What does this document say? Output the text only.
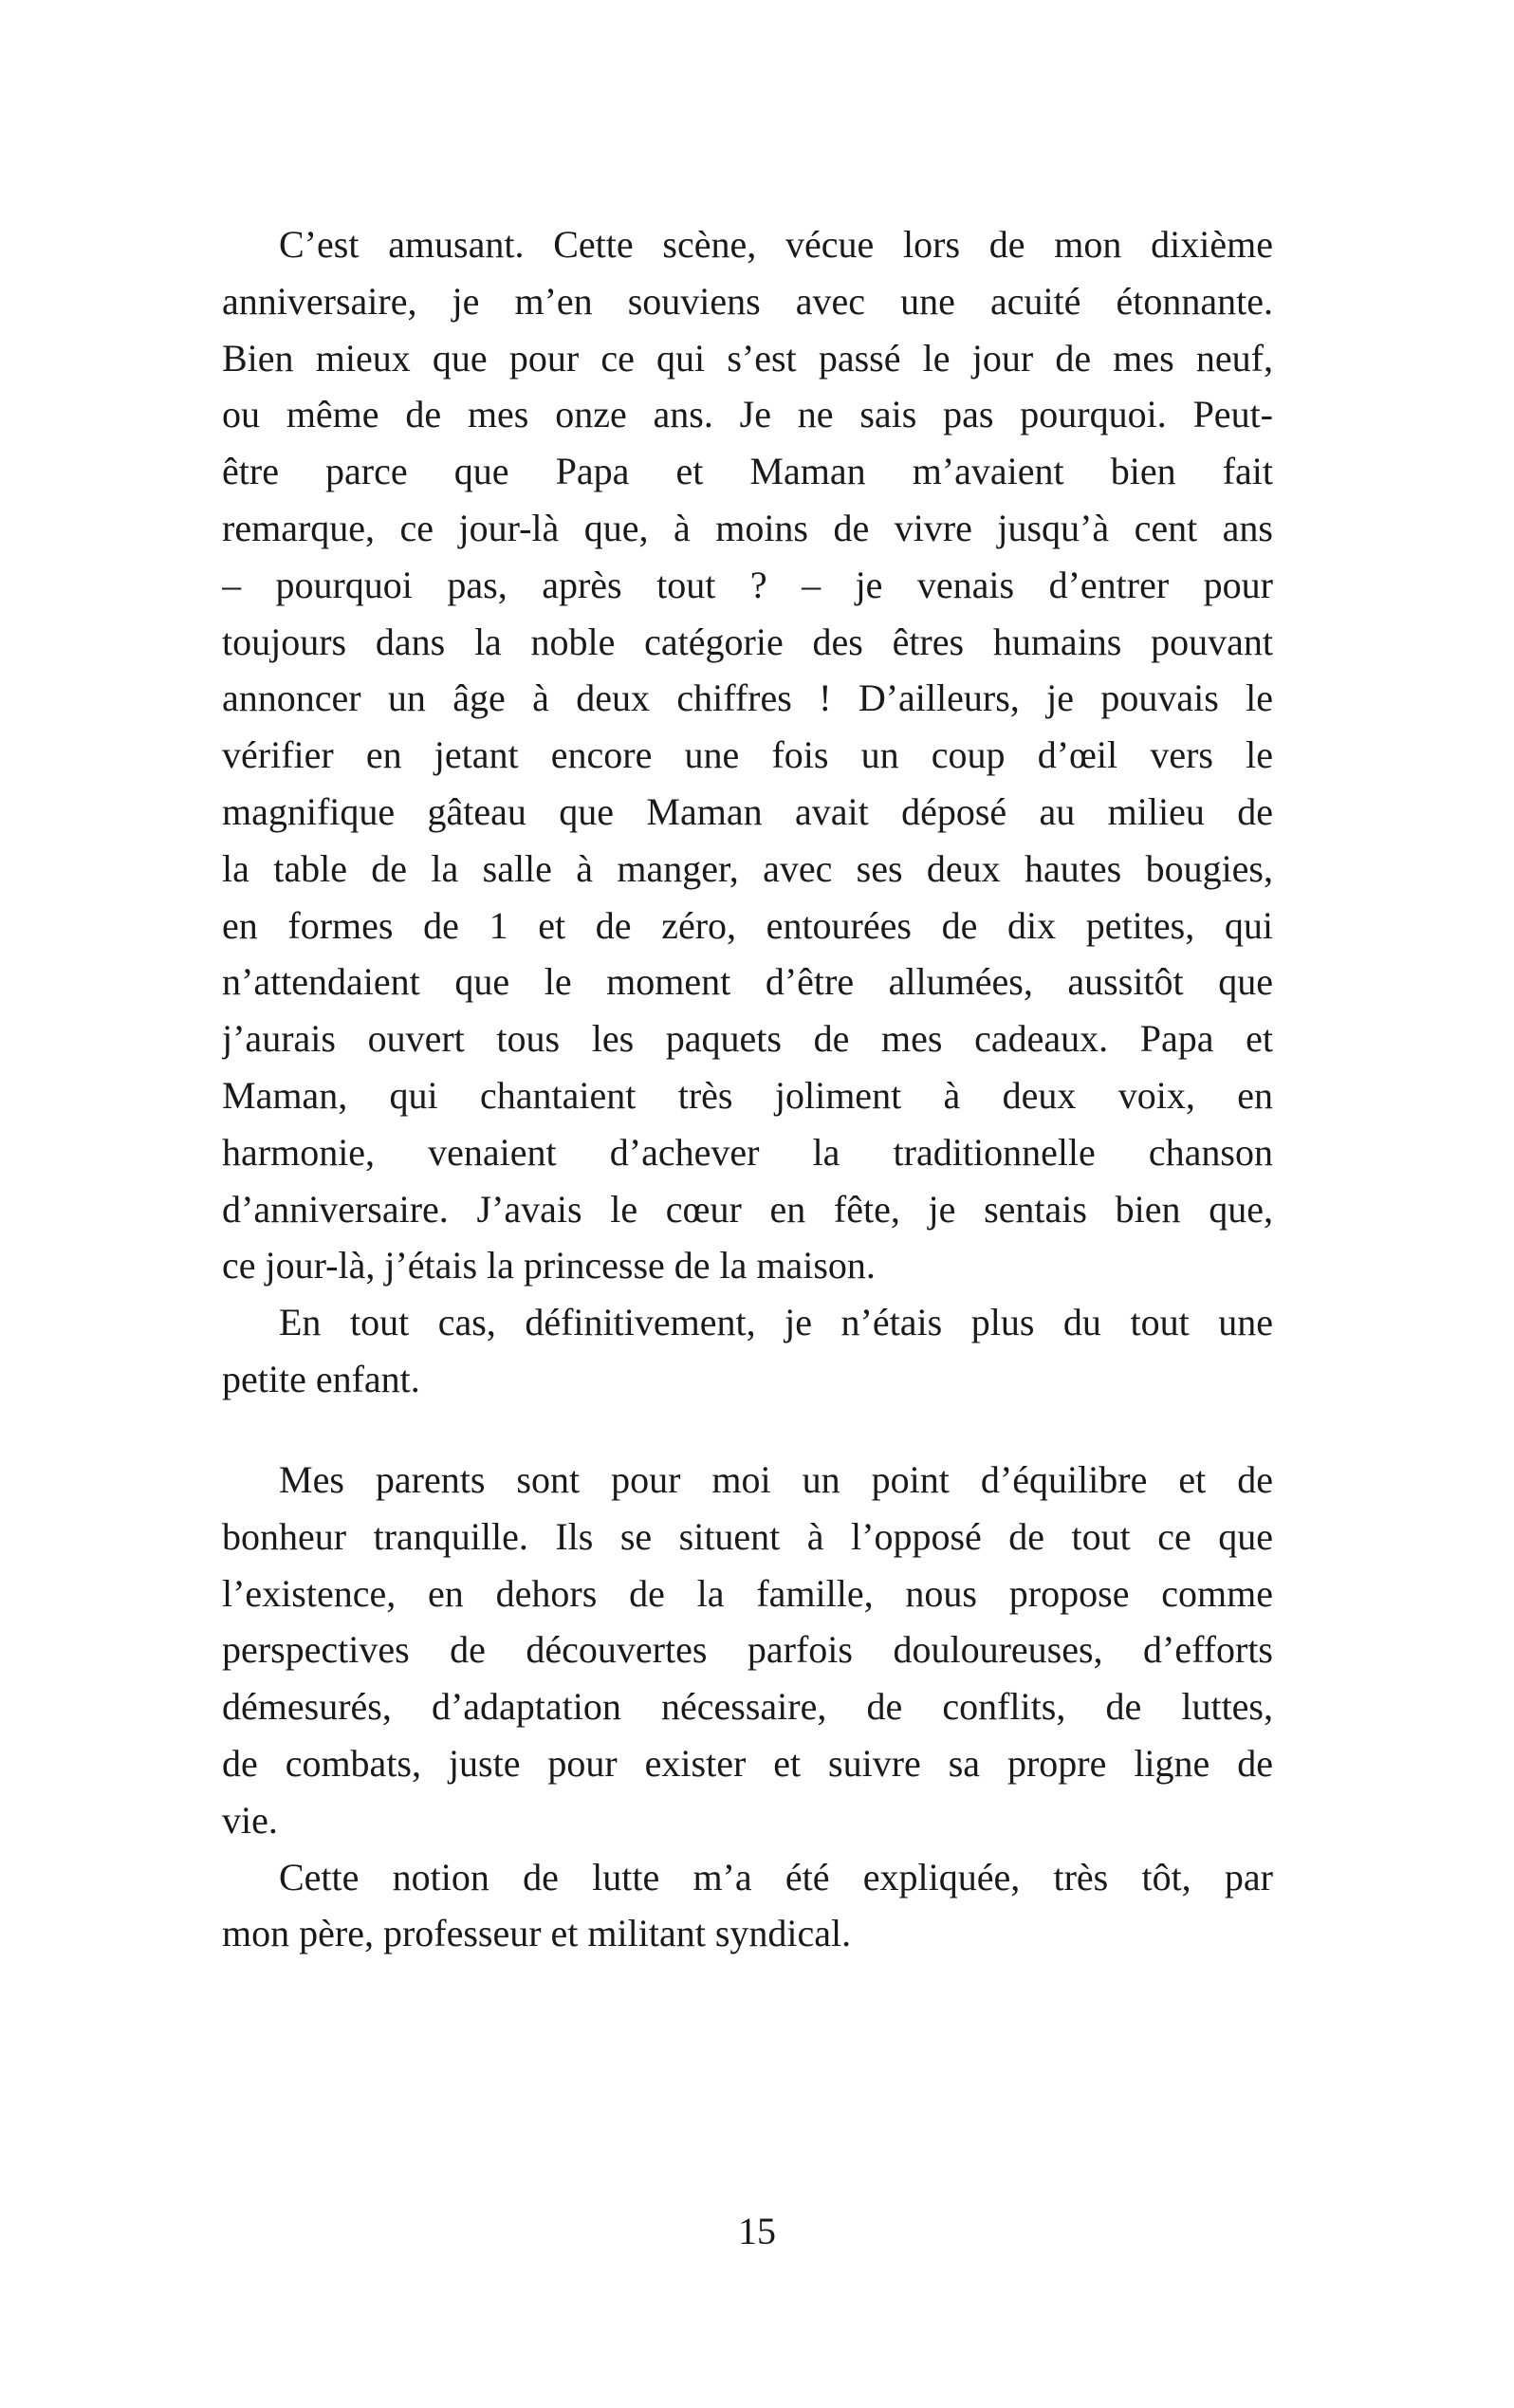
C’est amusant. Cette scène, vécue lors de mon dixième
anniversaire, je m’en souviens avec une acuité étonnante.
Bien mieux que pour ce qui s’est passé le jour de mes neuf,
ou même de mes onze ans. Je ne sais pas pourquoi. Peut-
être parce que Papa et Maman m’avaient bien fait
remarque, ce jour-là que, à moins de vivre jusqu’à cent ans
– pourquoi pas, après tout ? – je venais d’entrer pour
toujours dans la noble catégorie des êtres humains pouvant
annoncer un âge à deux chiffres ! D’ailleurs, je pouvais le
vérifier en jetant encore une fois un coup d’œil vers le
magnifique gâteau que Maman avait déposé au milieu de
la table de la salle à manger, avec ses deux hautes bougies,
en formes de 1 et de zéro, entourées de dix petites, qui
n’attendaient que le moment d’être allumées, aussitôt que
j’aurais ouvert tous les paquets de mes cadeaux. Papa et
Maman, qui chantaient très joliment à deux voix, en
harmonie, venaient d’achever la traditionnelle chanson
d’anniversaire. J’avais le cœur en fête, je sentais bien que,
ce jour-là, j’étais la princesse de la maison.
En tout cas, définitivement, je n’étais plus du tout une
petite enfant.
Mes parents sont pour moi un point d’équilibre et de
bonheur tranquille. Ils se situent à l’opposé de tout ce que
l’existence, en dehors de la famille, nous propose comme
perspectives de découvertes parfois douloureuses, d’efforts
démesurés, d’adaptation nécessaire, de conflits, de luttes,
de combats, juste pour exister et suivre sa propre ligne de
vie.
Cette notion de lutte m’a été expliquée, très tôt, par
mon père, professeur et militant syndical.
15
